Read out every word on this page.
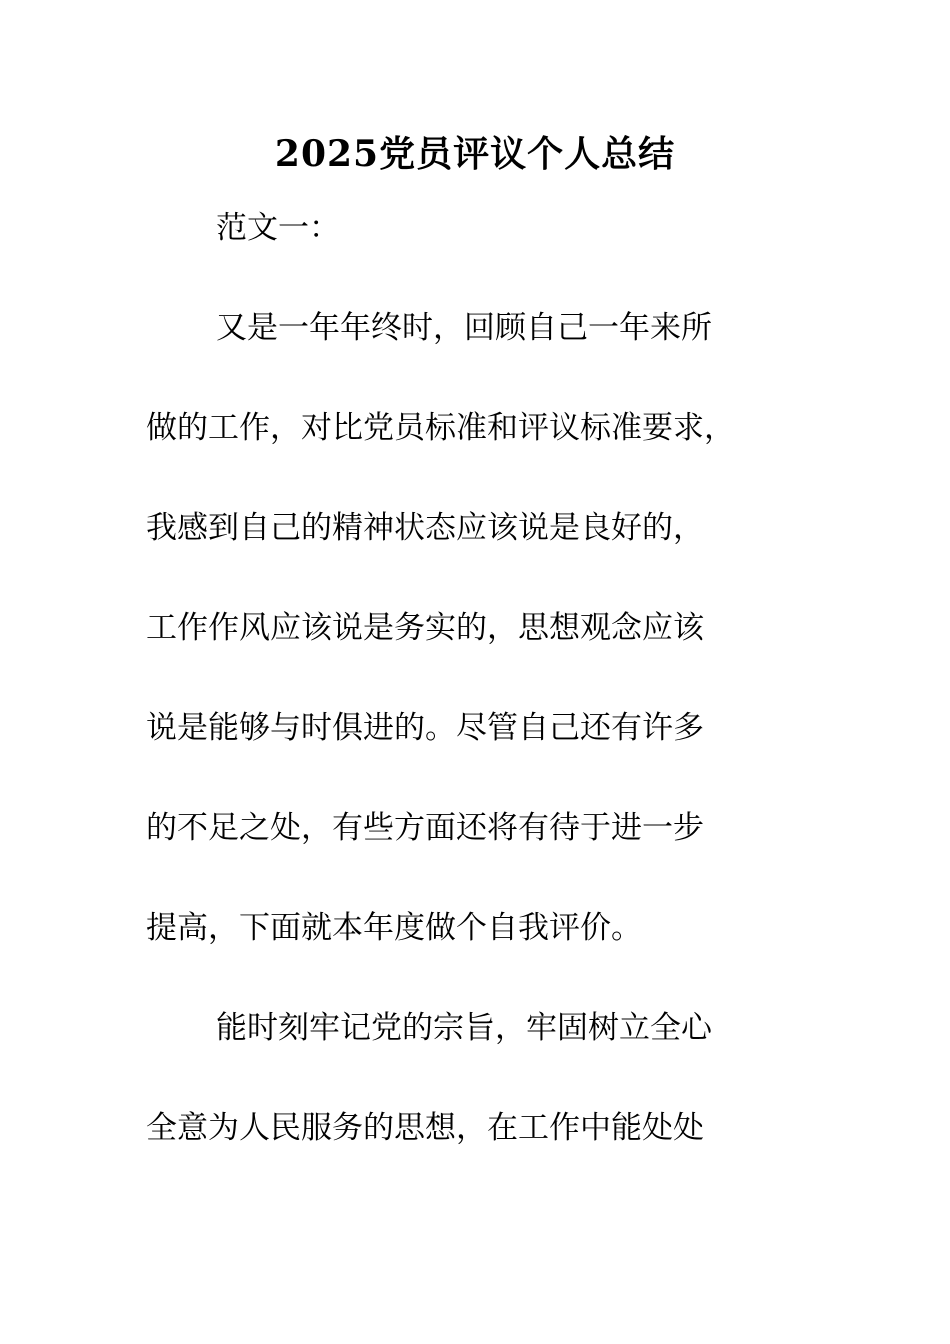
2025党员评议个人总结
范文一：
又是一年年终时，回顾自己一年来所
做的工作，对比党员标准和评议标准要求，
我感到自己的精神状态应该说是良好的，
工作作风应该说是务实的，思想观念应该
说是能够与时俱进的。尽管自己还有许多
的不足之处，有些方面还将有待于进一步
提高，下面就本年度做个自我评价。
能时刻牢记党的宗旨，牢固树立全心
全意为人民服务的思想，在工作中能处处
